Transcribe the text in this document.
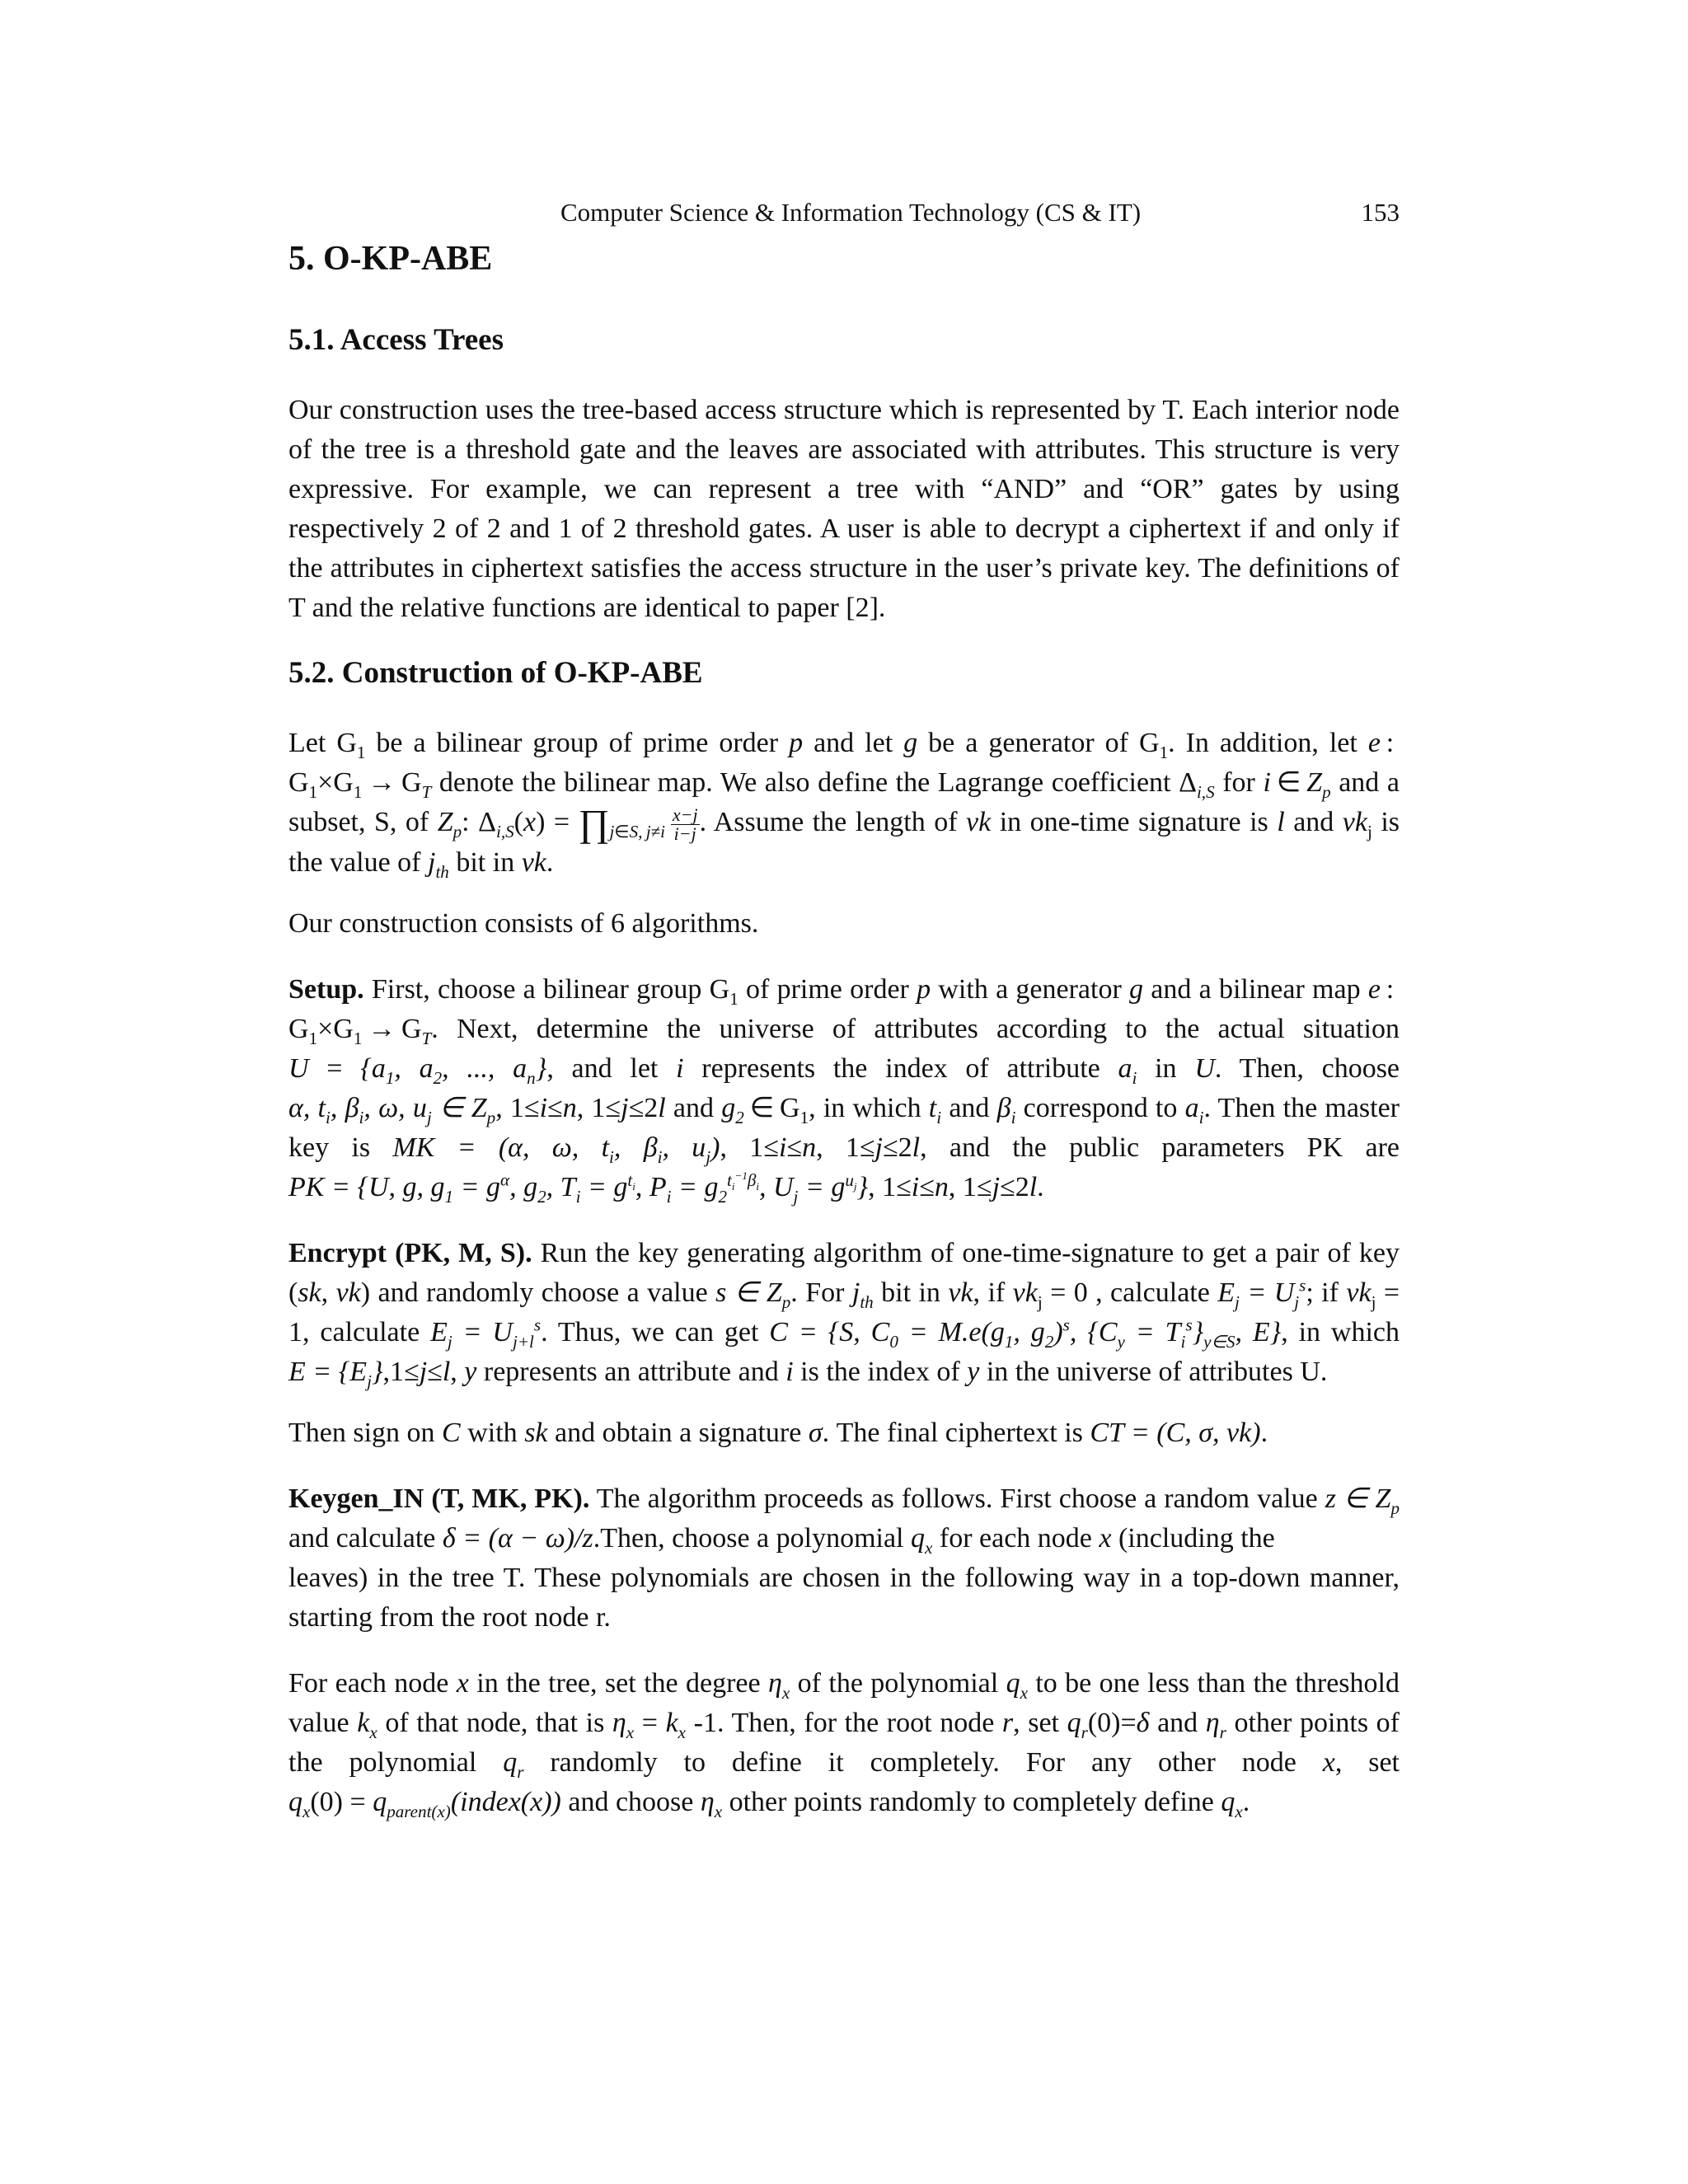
Computer Science & Information Technology (CS & IT)	153
5. O-KP-ABE
5.1. Access Trees

Our construction uses the tree-based access structure which is represented by T. Each interior node of the tree is a threshold gate and the leaves are associated with attributes. This structure is very expressive. For example, we can represent a tree with “AND” and “OR” gates by using respectively 2 of 2 and 1 of 2 threshold gates. A user is able to decrypt a ciphertext if and only if the attributes in ciphertext satisfies the access structure in the user’s private key. The definitions of T and the relative functions are identical to paper [2].

5.2. Construction of O-KP-ABE

Let $G_1$ be a bilinear group of prime order p and let g be a generator of $G_1$. In addition, let e : $G_1\times G_1 \to G_T$ denote the bilinear map. We also define the Lagrange coefficient $\Delta_{i,S}$ for i ∈ $Z_p$ and a subset, S, of $Z_p$: $\Delta_{i,S}(x)$ = $\prod_{j\in S, j\ne i} \frac{x-j}{i-j}$ . Assume the length of vk in one-time signature is l and $vk_j$ is the value of $j_{th}$ bit in vk.

Our construction consists of 6 algorithms.

Setup. First, choose a bilinear group $G_1$ of prime order p with a generator g and a bilinear map e : $G_1\times G_1 \to G_T$. Next, determine the universe of attributes according to the actual situation $U = \{a_1$, $a_2$, ..., $a_n$}, and let i represents the index of attribute $a_i$ in U. Then, choose α, $t_i$, $\beta_i$, ω, $u_j$ ∈ $Z_p$, 1≤i≤n, 1≤j≤2l and $g_2$ ∈ $G_1$, in which $t_i$ and $\beta_i$ correspond to $a_i$. Then the master key is MK = (α, ω, $t_i$, $\beta_i$, $u_j$), 1≤i≤n, 1≤j≤2l, and the public parameters PK are PK = {U, g, $g_1 = g^\alpha$, $g_2$, $T_i = g^{t_i}$, $P_i = g_2^{t_i^{-1}\beta_i}$, $U_j = g^{u_j}$}, 1≤i≤n, 1≤j≤2l.

Encrypt (PK, M, S). Run the key generating algorithm of one-time-signature to get a pair of key (sk, vk) and randomly choose a value s ∈ $Z_p$. For $j_{th}$ bit in vk, if $vk_j = 0$ , calculate $E_j = U_j^s$; if $vk_j = 1$, calculate $E_j = U_{j+l}^s$. Thus, we can get C = {S, $C_0 = M.e(g_1$, $g_2)^s$, $\{C_y = T_i^s\}_{y\in S}$, E}, in which $E = \{E_j\},1\le j\le l$, y represents an attribute and i is the index of y in the universe of attributes U.

Then sign on C with sk and obtain a signature σ. The final ciphertext is CT = (C, σ, vk).

Keygen_IN (T, MK, PK). The algorithm proceeds as follows. First choose a random value z ∈ $Z_p$ and calculate δ = (α − ω)/z.Then, choose a polynomial $q_x$ for each node x (including the

leaves) in the tree T. These polynomials are chosen in the following way in a top-down manner, starting from the root node r.

For each node x in the tree, set the degree $\eta_x$ of the polynomial $q_x$ to be one less than the threshold value $k_x$ of that node, that is $\eta_x = k_x$ -1. Then, for the root node r, set $q_r(0)=\delta$ and $\eta_r$ other points of the polynomial $q_r$ randomly to define it completely. For any other node x, set $q_x(0)$ = $q_{parent(x)}(index(x))$ and choose $\eta_x$ other points randomly to completely define $q_x$.
